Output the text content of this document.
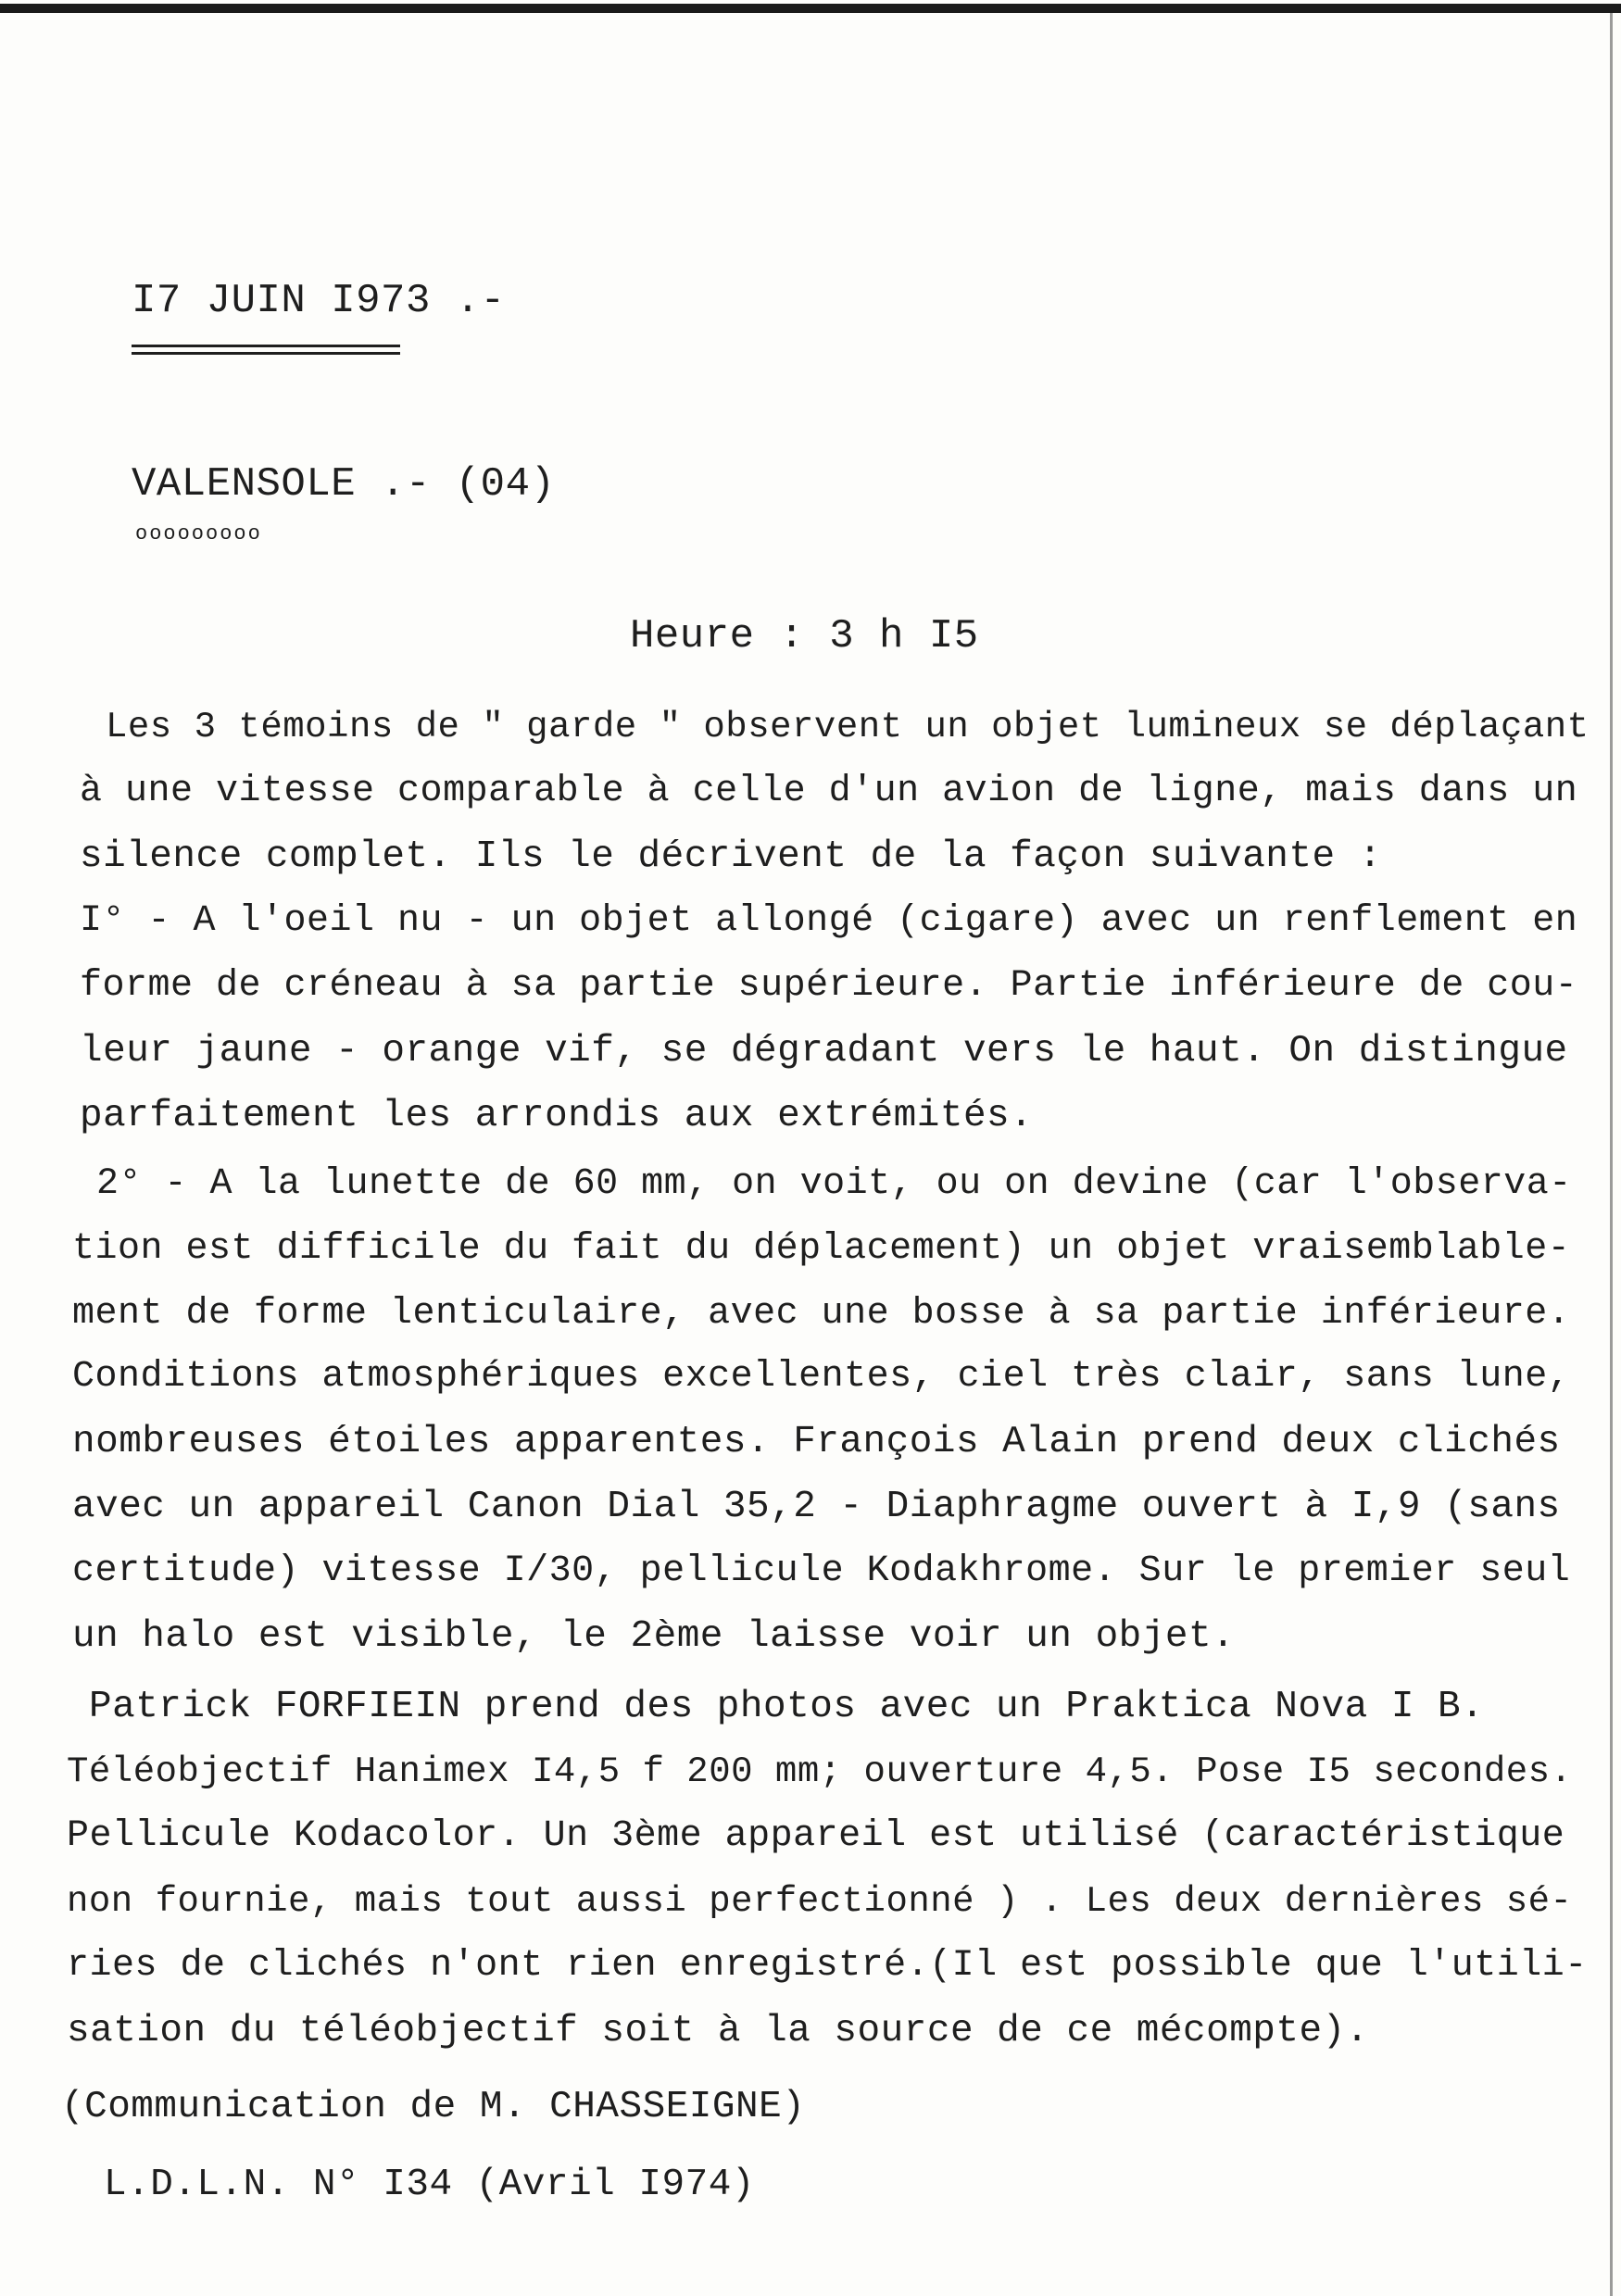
I7 JUIN I973 .-
VALENSOLE .- (04)
ooooooooo
Heure : 3 h I5
Les 3 témoins de " garde " observent un objet lumineux se déplaçant
à une vitesse comparable à celle d'un avion de ligne, mais dans un
silence complet. Ils le décrivent de la façon suivante :
I° - A l'oeil nu - un objet allongé (cigare) avec un renflement en
forme de créneau à sa partie supérieure. Partie inférieure de cou-
leur jaune - orange vif, se dégradant vers le haut. On distingue
parfaitement les arrondis aux extrémités.
2° - A la lunette de 60 mm, on voit, ou on devine (car l'observa-
tion est difficile du fait du déplacement) un objet vraisemblable-
ment de forme lenticulaire, avec une bosse à sa partie inférieure.
Conditions atmosphériques excellentes, ciel très clair, sans lune,
nombreuses étoiles apparentes. François Alain prend deux clichés
avec un appareil Canon Dial 35,2 - Diaphragme ouvert à I,9 (sans
certitude) vitesse I/30, pellicule Kodakhrome. Sur le premier seul
un halo est visible, le 2ème laisse voir un objet.
Patrick FORFIEIN prend des photos avec un Praktica Nova I B.
Téléobjectif Hanimex I4,5 f 200 mm; ouverture 4,5. Pose I5 secondes.
Pellicule Kodacolor. Un 3ème appareil est utilisé (caractéristique
non fournie, mais tout aussi perfectionné ) . Les deux dernières sé-
ries de clichés n'ont rien enregistré.(Il est possible que l'utili-
sation du téléobjectif soit à la source de ce mécompte).
(Communication de M. CHASSEIGNE)
L.D.L.N. N° I34 (Avril I974)
